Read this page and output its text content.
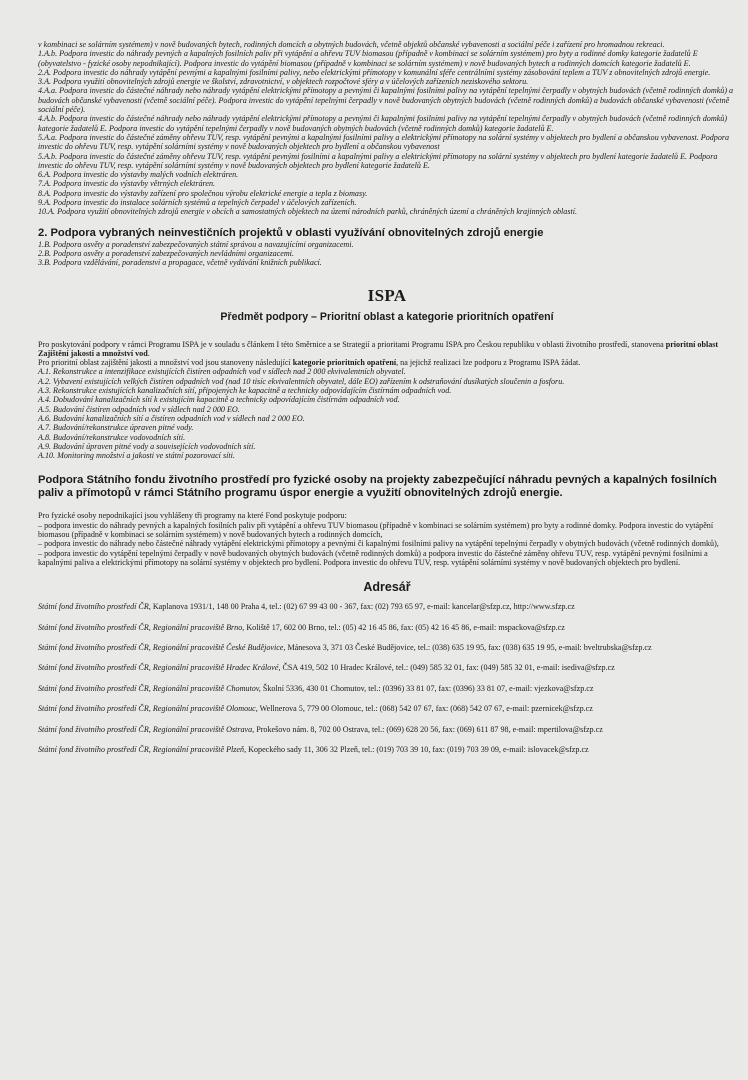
v kombinaci se solárním systémem) v nově budovaných bytech, rodinných domcích a obytných budovách, včetně objektů občanské vybavenosti a sociální péče i zařízení pro hromadnou rekreaci.

1.A.b. Podpora investic do náhrady pevných a kapalných fosilních paliv při vytápění a ohřevu TUV biomasou (případně v kombinaci se solárním systémem) pro byty a rodinné domky kategorie žadatelů E (obyvatelstvo - fyzické osoby nepodnikající). Podpora investic do vytápění biomasou (případně v kombinaci se solárním systémem) v nově budovaných bytech a rodinných domcích kategorie žadatelů E.

2.A. Podpora investic do náhrady vytápění pevnými a kapalnými fosilními palivy, nebo elektrickými přímotopy v komunální sféře centrálními systémy zásobování teplem a TUV z obnovitelných zdrojů energie.

3.A. Podpora využití obnovitelných zdrojů energie ve školství, zdravotnictví, v objektech rozpočtové sféry a v účelových zařízeních neziskového sektoru.

4.A.a. Podpora investic do částečné náhrady nebo náhrady vytápění elektrickými přímotopy a pevnými či kapalnými fosilními palivy na vytápění tepelnými čerpadly v obytných budovách (včetně rodinných domků) a budovách občanské vybavenosti (včetně sociální péče). Podpora investic do vytápění tepelnými čerpadly v nově budovaných obytných budovách (včetně rodinných domků) a budovách občanské vybavenosti (včetně sociální péče).

4.A.b. Podpora investic do částečné náhrady nebo náhrady vytápění elektrickými přímotopy a pevnými či kapalnými fosilními palivy na vytápění tepelnými čerpadly v obytných budovách (včetně rodinných domků) kategorie žadatelů E. Podpora investic do vytápění tepelnými čerpadly v nově budovaných obytných budovách (včetně rodinných domků) kategorie žadatelů E.

5.A.a. Podpora investic do částečné záměny ohřevu TUV, resp. vytápění pevnými a kapalnými fosilními palivy a elektrickými přímotopy na solární systémy v objektech pro bydlení a občanskou vybavenost. Podpora investic do ohřevu TUV, resp. vytápění solárními systémy v nově budovaných objektech pro bydlení a občanskou vybavenost

5.A.b. Podpora investic do částečné záměny ohřevu TUV, resp. vytápění pevnými fosilními a kapalnými palivy a elektrickými přímotopy na solární systémy v objektech pro bydlení kategorie žadatelů E. Podpora investic do ohřevu TUV, resp. vytápění solárními systémy v nově budovaných objektech pro bydlení kategorie žadatelů E.

6.A. Podpora investic do výstavby malých vodních elektráren.

7.A. Podpora investic do výstavby větrných elektráren.

8.A. Podpora investic do výstavby zařízení pro společnou výrobu elektrické energie a tepla z biomasy.

9.A. Podpora investic do instalace solárních systémů a tepelných čerpadel v účelových zařízeních.

10.A. Podpora využití obnovitelných zdrojů energie v obcích a samostatných objektech na území národních parků, chráněných území a chráněných krajinných oblastí.

2. Podpora vybraných neinvestičních projektů v oblasti využívání obnovitelných zdrojů energie

1.B. Podpora osvěty a poradenství zabezpečovaných státní správou a navazujícími organizacemi.

2.B. Podpora osvěty a poradenství zabezpečovaných nevládními organizacemi.

3.B. Podpora vzdělávání, poradenství a propagace, včetně vydávání knižních publikací.

ISPA
Předmět podpory – Prioritní oblast a kategorie prioritních opatření

Pro poskytování podpory v rámci Programu ISPA je v souladu s článkem I této Směrnice a se Strategií a prioritami Programu ISPA pro Českou republiku v oblasti životního prostředí, stanovena prioritní oblast Zajištění jakosti a množství vod.

Pro prioritní oblast zajištění jakosti a množství vod jsou stanoveny následující kategorie prioritních opatření, na jejichž realizaci lze podporu z Programu ISPA žádat.

A.1. Rekonstrukce a intenzifikace existujících čistíren odpadních vod v sídlech nad 2 000 ekvivalentních obyvatel.

A.2. Vybavení existujících velkých čistíren odpadních vod (nad 10 tisíc ekvivalentních obyvatel, dále EO) zařízením k odstraňování dusíkatých sloučenin a fosforu.

A.3. Rekonstrukce existujících kanalizačních sítí, připojených ke kapacitně a technicky odpovídajícím čistírnám odpadních vod.

A.4. Dobudování kanalizačních sítí k existujícím kapacitně a technicky odpovídajícím čistírnám odpadních vod.

A.5. Budování čistíren odpadních vod v sídlech nad 2 000 EO.

A.6. Budování kanalizačních sítí a čistíren odpadních vod v sídlech nad 2 000 EO.

A.7. Budování/rekonstrukce úpraven pitné vody.

A.8. Budování/rekonstrukce vodovodních sítí.

A.9. Budování úpraven pitné vody a souvisejících vodovodních sítí.

A.10. Monitoring množství a jakosti ve státní pozorovací síti.

Podpora Státního fondu životního prostředí pro fyzické osoby na projekty zabezpečující náhradu pevných a kapalných fosilních paliv a přímotopů v rámci Státního programu úspor energie a využití obnovitelných zdrojů energie.

Pro fyzické osoby nepodnikající jsou vyhlášeny tři programy na které Fond poskytuje podporu:

– podpora investic do náhrady pevných a kapalných fosilních paliv při vytápění a ohřevu TUV biomasou (případně v kombinaci se solárním systémem) pro byty a rodinné domky. Podpora investic do vytápění biomasou (případně v kombinaci se solárním systémem) v nově budovaných bytech a rodinných domcích,

– podpora investic do náhrady nebo částečné náhrady vytápění elektrickými přímotopy a pevnými či kapalnými fosilními palivy na vytápění tepelnými čerpadly v obytných budovách (včetně rodinných domků),

– podpora investic do vytápění tepelnými čerpadly v nově budovaných obytných budovách (včetně rodinných domků) a podpora investic do částečné záměny ohřevu TUV, resp. vytápění pevnými fosilními a kapalnými paliva a elektrickými přímotopy na solární systémy v objektech pro bydlení. Podpora investic do ohřevu TUV, resp. vytápění solárními systémy v nově budovaných objektech pro bydlení.

Adresář

Státní fond životního prostředí ČR, Kaplanova 1931/1, 148 00 Praha 4, tel.: (02) 67 99 43 00 - 367, fax: (02) 793 65 97, e-mail: kancelar@sfzp.cz, http://www.sfzp.cz

Státní fond životního prostředí ČR, Regionální pracoviště Brno, Koliště 17, 602 00 Brno, tel.: (05) 42 16 45 86, fax: (05) 42 16 45 86, e-mail: mspackova@sfzp.cz

Státní fond životního prostředí ČR, Regionální pracoviště České Budějovice, Mánesova 3, 371 03 České Budějovice, tel.: (038) 635 19 95, fax: (038) 635 19 95, e-mail: bveltrubska@sfzp.cz

Státní fond životního prostředí ČR, Regionální pracoviště Hradec Králové, ČSA 419, 502 10 Hradec Králové, tel.: (049) 585 32 01, fax: (049) 585 32 01, e-mail: isediva@sfzp.cz

Státní fond životního prostředí ČR, Regionální pracoviště Chomutov, Školní 5336, 430 01 Chomutov, tel.: (0396) 33 81 07, fax: (0396) 33 81 07, e-mail: vjezkova@sfzp.cz

Státní fond životního prostředí ČR, Regionální pracoviště Olomouc, Wellnerova 5, 779 00 Olomouc, tel.: (068) 542 07 67, fax: (068) 542 07 67, e-mail: pzernicek@sfzp.cz

Státní fond životního prostředí ČR, Regionální pracoviště Ostrava, Prokešovo nám. 8, 702 00 Ostrava, tel.: (069) 628 20 56, fax: (069) 611 87 98, e-mail: mpertilova@sfzp.cz

Státní fond životního prostředí ČR, Regionální pracoviště Plzeň, Kopeckého sady 11, 306 32 Plzeň, tel.: (019) 703 39 10, fax: (019) 703 39 09, e-mail: islovacek@sfzp.cz
